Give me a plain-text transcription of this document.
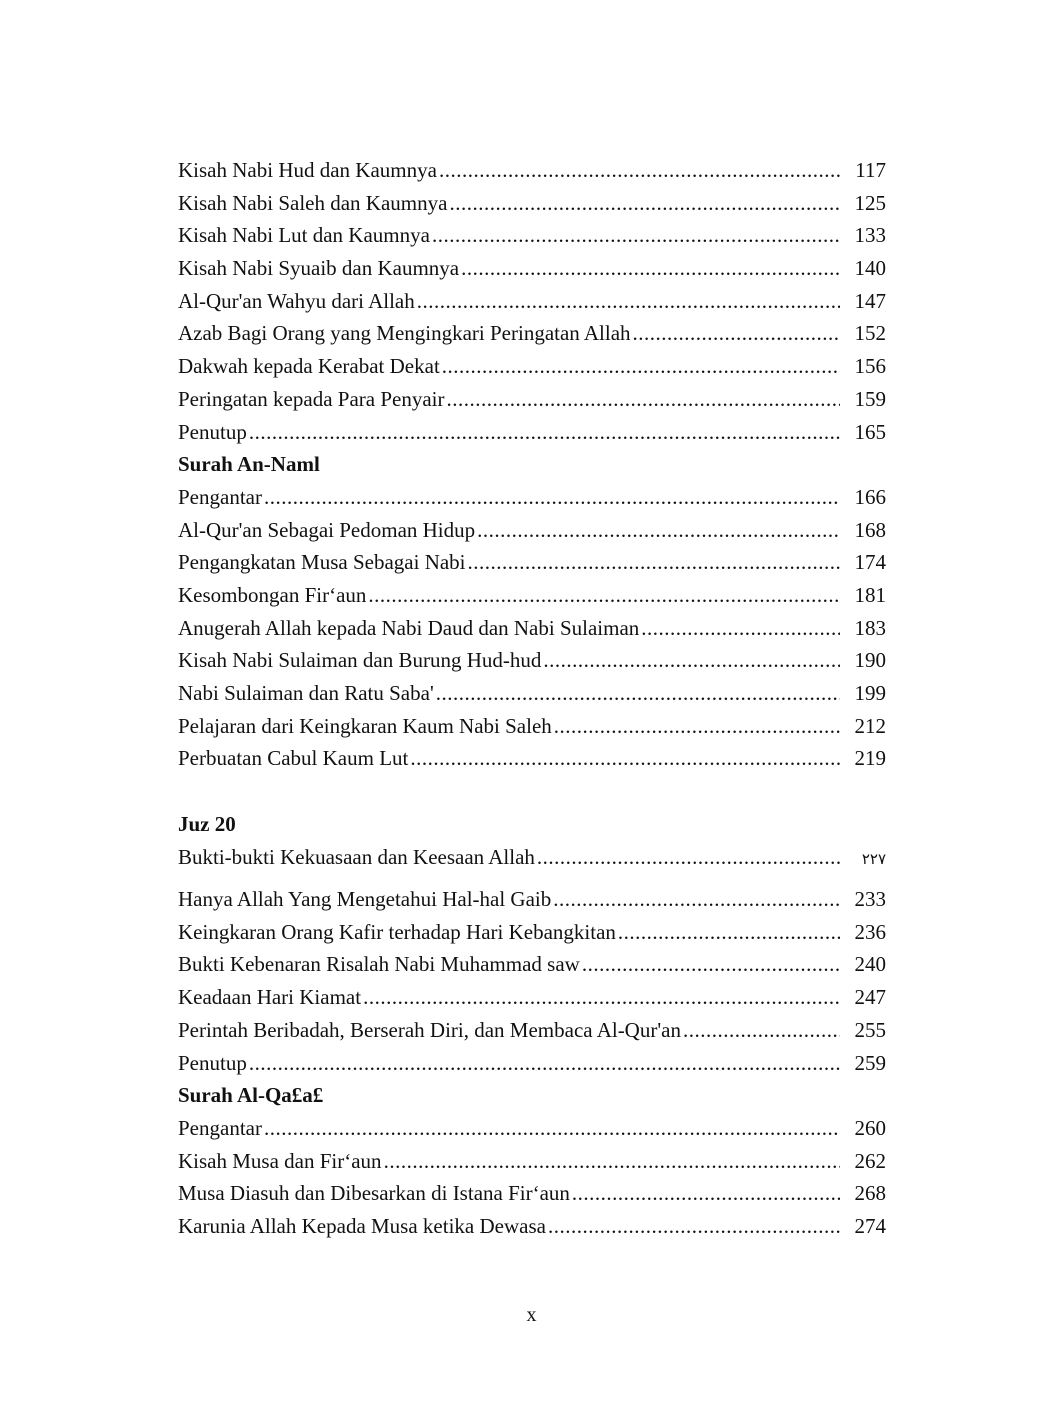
Kisah Nabi Hud dan Kaumnya .....	117
Kisah Nabi Saleh dan Kaumnya .....	125
Kisah Nabi Lut dan Kaumnya .....	133
Kisah Nabi Syuaib dan Kaumnya .....	140
Al-Qur'an Wahyu dari Allah .....	147
Azab Bagi Orang yang Mengingkari Peringatan Allah .....	152
Dakwah kepada Kerabat Dekat .....	156
Peringatan kepada Para Penyair .....	159
Penutup .....	165
Surah An-Naml
Pengantar .....	166
Al-Qur'an Sebagai Pedoman Hidup .....	168
Pengangkatan Musa Sebagai Nabi .....	174
Kesombongan Fir‘aun .....	181
Anugerah Allah kepada Nabi Daud dan Nabi Sulaiman .....	183
Kisah Nabi Sulaiman dan Burung Hud-hud .....	190
Nabi Sulaiman dan Ratu Saba' .....	199
Pelajaran dari Keingkaran Kaum Nabi Saleh .....	212
Perbuatan Cabul Kaum Lut .....	219
Juz 20
Bukti-bukti Kekuasaan dan Keesaan Allah .....	٢٢٧
Hanya Allah Yang Mengetahui Hal-hal Gaib .....	233
Keingkaran Orang Kafir terhadap Hari Kebangkitan .....	236
Bukti Kebenaran Risalah Nabi Muhammad saw .....	240
Keadaan Hari Kiamat .....	247
Perintah Beribadah, Berserah Diri, dan Membaca Al-Qur'an .....	255
Penutup .....	259
Surah Al-Qa£a£
Pengantar .....	260
Kisah Musa dan Fir‘aun .....	262
Musa Diasuh dan Dibesarkan di Istana Fir‘aun .....	268
Karunia Allah Kepada Musa ketika Dewasa .....	274
x
